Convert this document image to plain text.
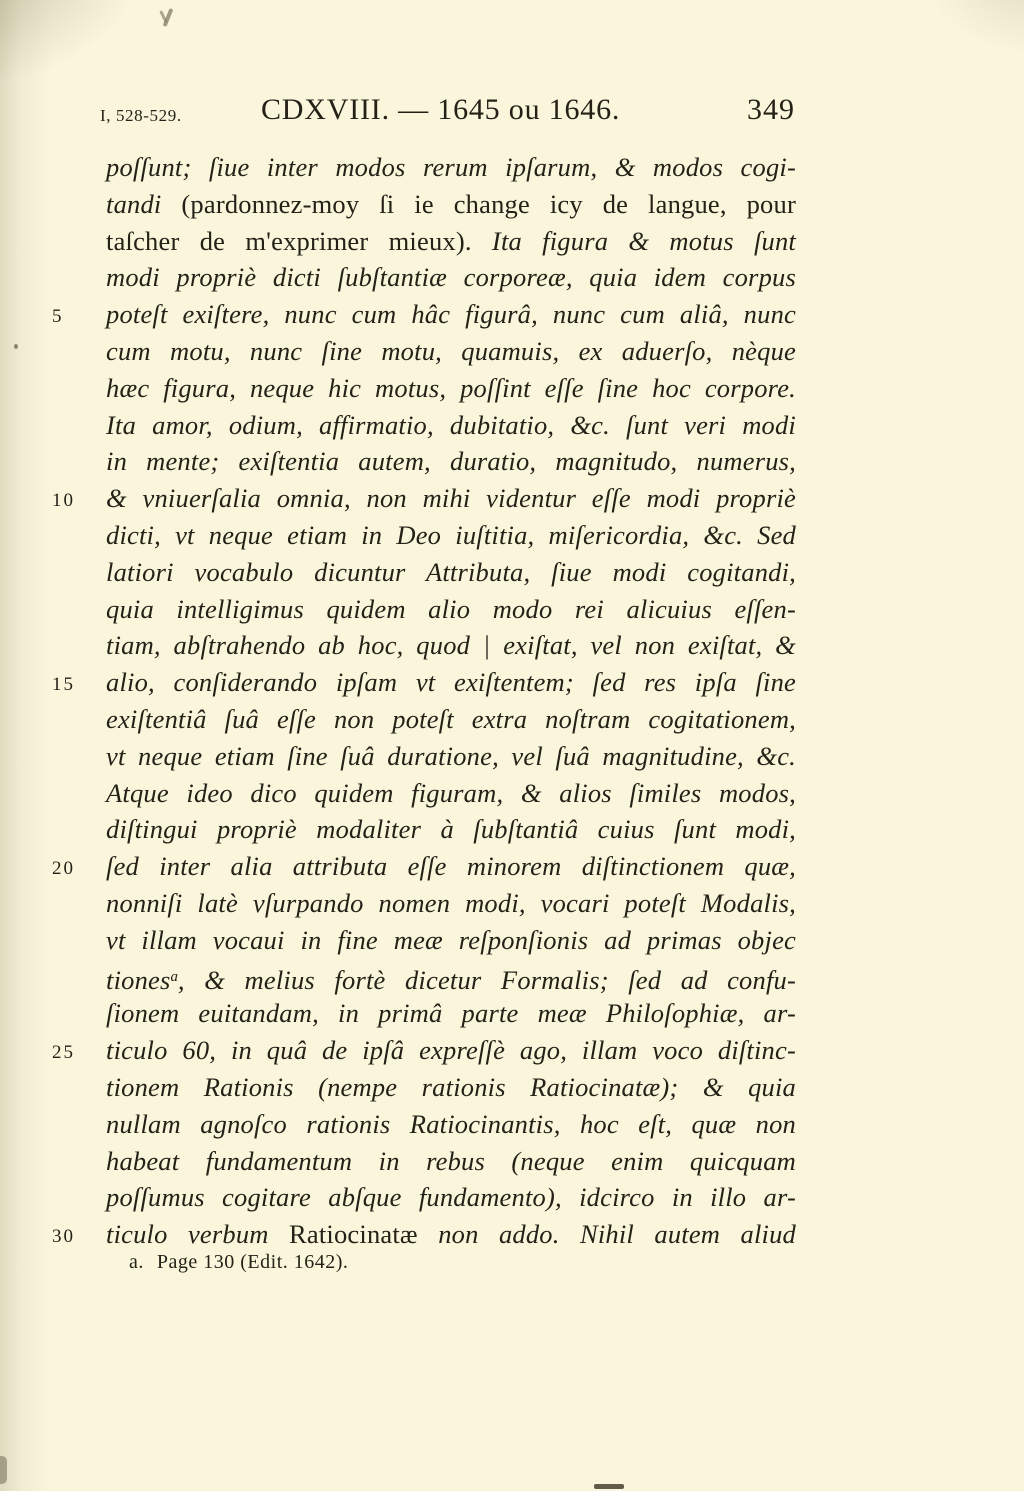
I, 528-529.	CDXVIII. — 1645 ou 1646.	349
poſſunt; ſiue inter modos rerum ipſarum, & modos cogi-
tandi (pardonnez-moy ſi ie change icy de langue, pour
taſcher de m'exprimer mieux). Ita figura & motus ſunt
modi propriè dicti ſubſtantiæ corporeæ, quia idem corpus
5	poteſt exiſtere, nunc cum hâc figurâ, nunc cum aliâ, nunc
cum motu, nunc ſine motu, quamuis, ex aduerſo, nèque
hæc figura, neque hic motus, poſſint eſſe ſine hoc corpore.
Ita amor, odium, affirmatio, dubitatio, &c. ſunt veri modi
in mente; exiſtentia autem, duratio, magnitudo, numerus,
10	& vniuerſalia omnia, non mihi videntur eſſe modi propriè
dicti, vt neque etiam in Deo iuſtitia, miſericordia, &c. Sed
latiori vocabulo dicuntur Attributa, ſiue modi cogitandi,
quia intelligimus quidem alio modo rei alicuius eſſen-
tiam, abſtrahendo ab hoc, quod | exiſtat, vel non exiſtat, &
15	alio, conſiderando ipſam vt exiſtentem; ſed res ipſa ſine
exiſtentiâ ſuâ eſſe non poteſt extra noſtram cogitationem,
vt neque etiam ſine ſuâ duratione, vel ſuâ magnitudine, &c.
Atque ideo dico quidem figuram, & alios ſimiles modos,
diſtingui propriè modaliter à ſubſtantiâ cuius ſunt modi,
20	ſed inter alia attributa eſſe minorem diſtinctionem quæ,
nonniſi latè vſurpando nomen modi, vocari poteſt Modalis,
vt illam vocaui in fine meæ reſponſionis ad primas objec
tiones$^a$, & melius fortè dicetur Formalis; ſed ad confu-
ſionem euitandam, in primâ parte meæ Philoſophiæ, ar-
25	ticulo 60, in quâ de ipſâ expreſſè ago, illam voco diſtinc-
tionem Rationis (nempe rationis Ratiocinatæ); & quia
nullam agnoſco rationis Ratiocinantis, hoc eſt, quæ non
habeat fundamentum in rebus (neque enim quicquam
poſſumus cogitare abſque fundamento), idcirco in illo ar-
30	ticulo verbum Ratiocinatæ non addo. Nihil autem aliud
a. Page 130 (Edit. 1642).
